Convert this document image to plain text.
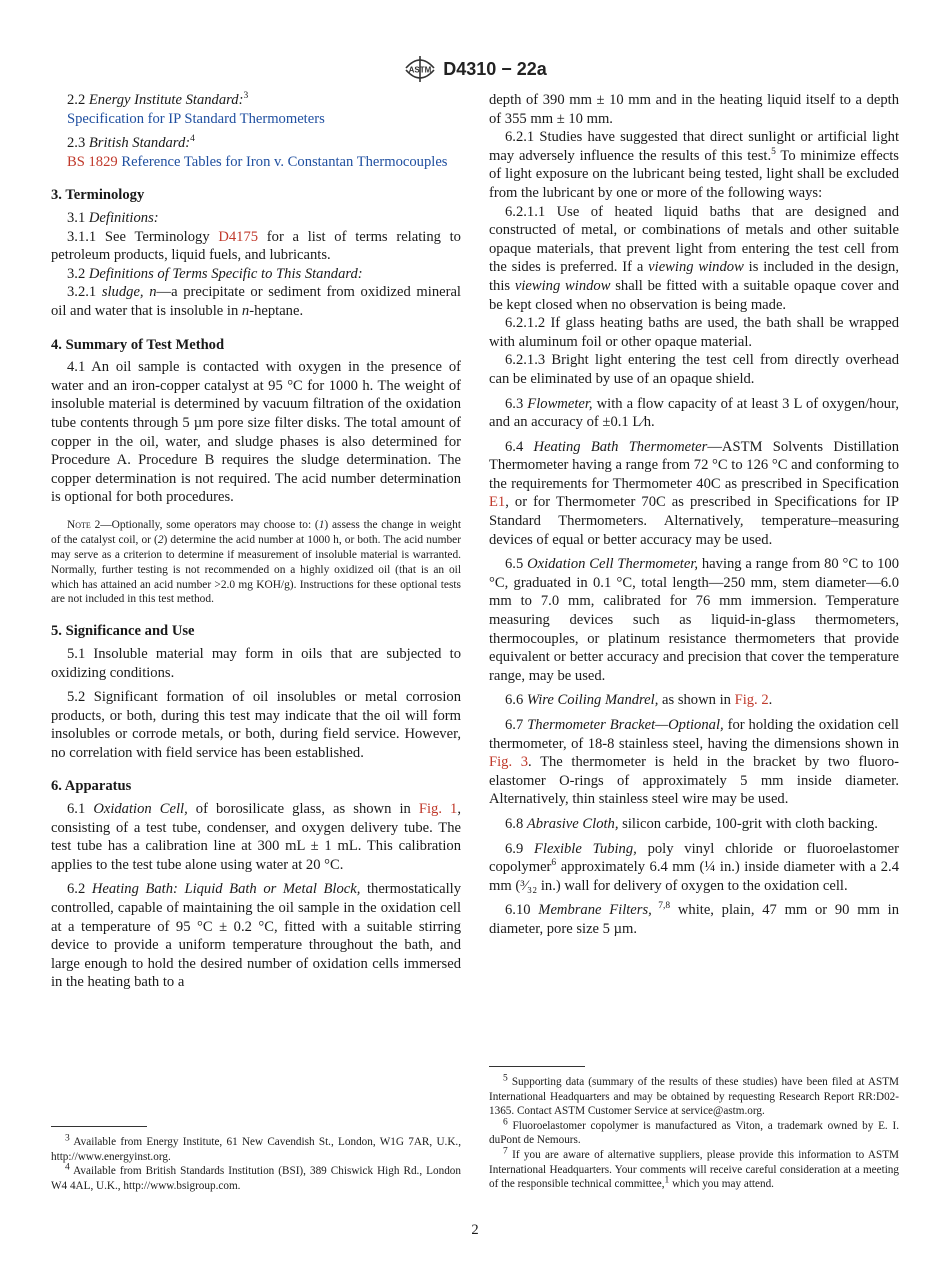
ASTM D4310 − 22a

2.2 Energy Institute Standard:$^3$

Specification for IP Standard Thermometers

2.3 British Standard:$^4$

BS 1829 Reference Tables for Iron v. Constantan Thermocouples

3. Terminology

3.1 Definitions:

3.1.1 See Terminology D4175 for a list of terms relating to petroleum products, liquid fuels, and lubricants.

3.2 Definitions of Terms Specific to This Standard:

3.2.1 sludge, n—a precipitate or sediment from oxidized mineral oil and water that is insoluble in n-heptane.

4. Summary of Test Method

4.1 An oil sample is contacted with oxygen in the presence of water and an iron-copper catalyst at 95 °C for 1000 h. The weight of insoluble material is determined by vacuum filtration of the oxidation tube contents through 5 µm pore size filter disks. The total amount of copper in the oil, water, and sludge phases is also determined for Procedure A. Procedure B requires the sludge determination. The copper determination is not required. The acid number determination is optional for both procedures.

Note 2—Optionally, some operators may choose to: (1) assess the change in weight of the catalyst coil, or (2) determine the acid number at 1000 h, or both. The acid number may serve as a criterion to determine if measurement of insoluble material is warranted. Normally, further testing is not recommended on a highly oxidized oil (that is an oil which has attained an acid number >2.0 mg KOH/g). Instructions for these optional tests are not included in this test method.

5. Significance and Use

5.1 Insoluble material may form in oils that are subjected to oxidizing conditions.

5.2 Significant formation of oil insolubles or metal corrosion products, or both, during this test may indicate that the oil will form insolubles or corrode metals, or both, during field service. However, no correlation with field service has been established.

6. Apparatus

6.1 Oxidation Cell, of borosilicate glass, as shown in Fig. 1, consisting of a test tube, condenser, and oxygen delivery tube. The test tube has a calibration line at 300 mL ± 1 mL. This calibration applies to the test tube alone using water at 20 °C.

6.2 Heating Bath: Liquid Bath or Metal Block, thermostatically controlled, capable of maintaining the oil sample in the oxidation cell at a temperature of 95 °C ± 0.2 °C, fitted with a suitable stirring device to provide a uniform temperature throughout the bath, and large enough to hold the desired number of oxidation cells immersed in the heating bath to a

$^3$ Available from Energy Institute, 61 New Cavendish St., London, W1G 7AR, U.K., http://www.energyinst.org.

$^4$ Available from British Standards Institution (BSI), 389 Chiswick High Rd., London W4 4AL, U.K., http://www.bsigroup.com.

depth of 390 mm ± 10 mm and in the heating liquid itself to a depth of 355 mm ± 10 mm.

6.2.1 Studies have suggested that direct sunlight or artificial light may adversely influence the results of this test.$^5$ To minimize effects of light exposure on the lubricant being tested, light shall be excluded from the lubricant by one or more of the following ways:

6.2.1.1 Use of heated liquid baths that are designed and constructed of metal, or combinations of metals and other suitable opaque materials, that prevent light from entering the test cell from the sides is preferred. If a viewing window is included in the design, this viewing window shall be fitted with a suitable opaque cover and be kept closed when no observation is being made.

6.2.1.2 If glass heating baths are used, the bath shall be wrapped with aluminum foil or other opaque material.

6.2.1.3 Bright light entering the test cell from directly overhead can be eliminated by use of an opaque shield.

6.3 Flowmeter, with a flow capacity of at least 3 L of oxygen/hour, and an accuracy of ±0.1 L⁄h.

6.4 Heating Bath Thermometer—ASTM Solvents Distillation Thermometer having a range from 72 °C to 126 °C and conforming to the requirements for Thermometer 40C as prescribed in Specification E1, or for Thermometer 70C as prescribed in Specifications for IP Standard Thermometers. Alternatively, temperature–measuring devices of equal or better accuracy may be used.

6.5 Oxidation Cell Thermometer, having a range from 80 °C to 100 °C, graduated in 0.1 °C, total length—250 mm, stem diameter—6.0 mm to 7.0 mm, calibrated for 76 mm immersion. Temperature measuring devices such as liquid-in-glass thermometers, thermocouples, or platinum resistance thermometers that provide equivalent or better accuracy and precision that cover the temperature range, may be used.

6.6 Wire Coiling Mandrel, as shown in Fig. 2.

6.7 Thermometer Bracket—Optional, for holding the oxidation cell thermometer, of 18-8 stainless steel, having the dimensions shown in Fig. 3. The thermometer is held in the bracket by two fluoro-elastomer O-rings of approximately 5 mm inside diameter. Alternatively, thin stainless steel wire may be used.

6.8 Abrasive Cloth, silicon carbide, 100-grit with cloth backing.

6.9 Flexible Tubing, poly vinyl chloride or fluoroelastomer copolymer$^6$ approximately 6.4 mm (¼ in.) inside diameter with a 2.4 mm (³⁄₃₂ in.) wall for delivery of oxygen to the oxidation cell.

6.10 Membrane Filters, $^{7,8}$ white, plain, 47 mm or 90 mm in diameter, pore size 5 µm.

$^5$ Supporting data (summary of the results of these studies) have been filed at ASTM International Headquarters and may be obtained by requesting Research Report RR:D02-1365. Contact ASTM Customer Service at service@astm.org.

$^6$ Fluoroelastomer copolymer is manufactured as Viton, a trademark owned by E. I. duPont de Nemours.

$^7$ If you are aware of alternative suppliers, please provide this information to ASTM International Headquarters. Your comments will receive careful consideration at a meeting of the responsible technical committee,$^1$ which you may attend.

2
